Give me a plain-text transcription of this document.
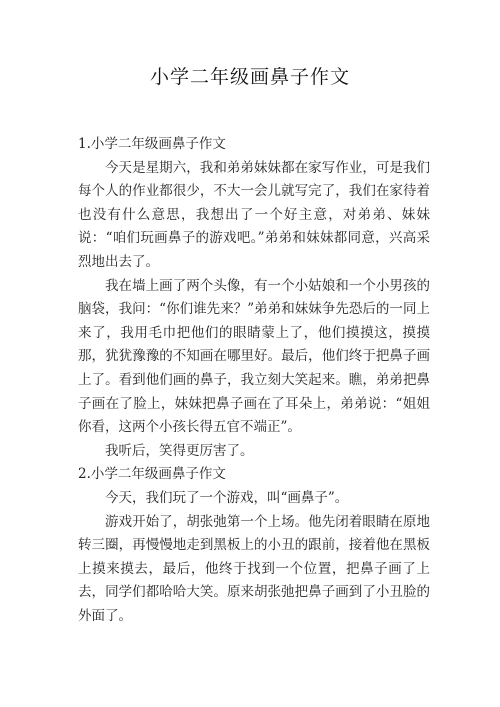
小学二年级画鼻子作文

1.小学二年级画鼻子作文

今天是星期六，我和弟弟妹妹都在家写作业，可是我们每个人的作业都很少，不大一会儿就写完了，我们在家待着也没有什么意思，我想出了一个好主意，对弟弟、妹妹说：“咱们玩画鼻子的游戏吧。”弟弟和妹妹都同意，兴高采烈地出去了。

我在墙上画了两个头像，有一个小姑娘和一个小男孩的脑袋，我问：“你们谁先来？”弟弟和妹妹争先恐后的一同上来了，我用毛巾把他们的眼睛蒙上了，他们摸摸这，摸摸那，犹犹豫豫的不知画在哪里好。最后，他们终于把鼻子画上了。看到他们画的鼻子，我立刻大笑起来。瞧，弟弟把鼻子画在了脸上，妹妹把鼻子画在了耳朵上，弟弟说：“姐姐你看，这两个小孩长得五官不端正”。

我听后，笑得更厉害了。

2.小学二年级画鼻子作文

今天，我们玩了一个游戏，叫“画鼻子”。

游戏开始了，胡张弛第一个上场。他先闭着眼睛在原地转三圈，再慢慢地走到黑板上的小丑的跟前，接着他在黑板上摸来摸去，最后，他终于找到一个位置，把鼻子画了上去，同学们都哈哈大笑。原来胡张弛把鼻子画到了小丑脸的外面了。
